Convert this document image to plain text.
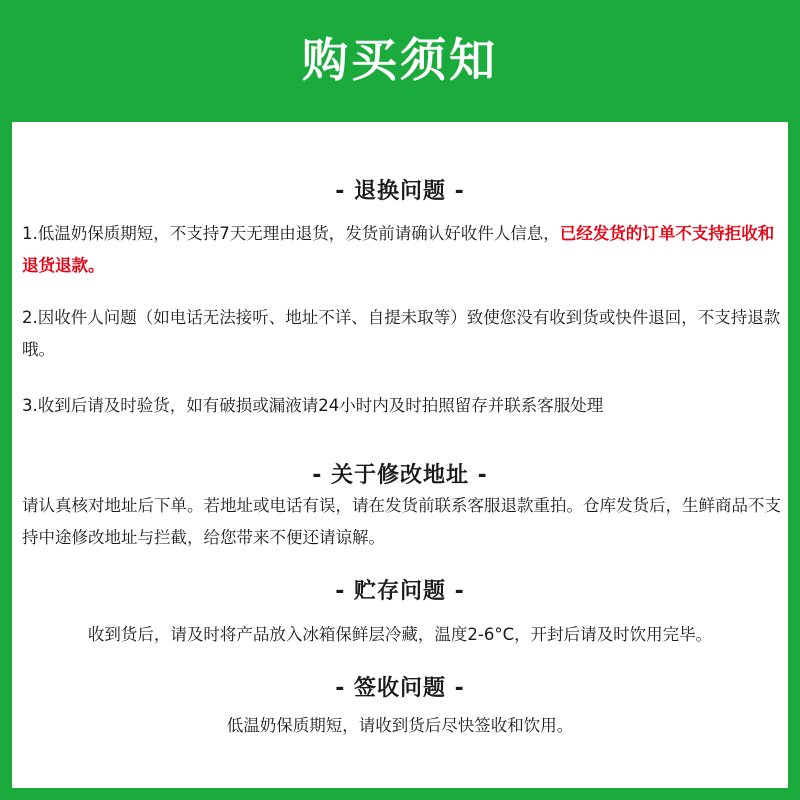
购买须知
- 退换问题 -
1.低温奶保质期短，不支持7天无理由退货，发货前请确认好收件人信息，已经发货的订单不支持拒收和退货退款。
2.因收件人问题（如电话无法接听、地址不详、自提未取等）致使您没有收到货或快件退回，不支持退款哦。
3.收到后请及时验货，如有破损或漏液请24小时内及时拍照留存并联系客服处理
- 关于修改地址 -
请认真核对地址后下单。若地址或电话有误，请在发货前联系客服退款重拍。仓库发货后，生鲜商品不支持中途修改地址与拦截，给您带来不便还请谅解。
- 贮存问题 -
收到货后，请及时将产品放入冰箱保鲜层冷藏，温度2-6°C，开封后请及时饮用完毕。
- 签收问题 -
低温奶保质期短，请收到货后尽快签收和饮用。
